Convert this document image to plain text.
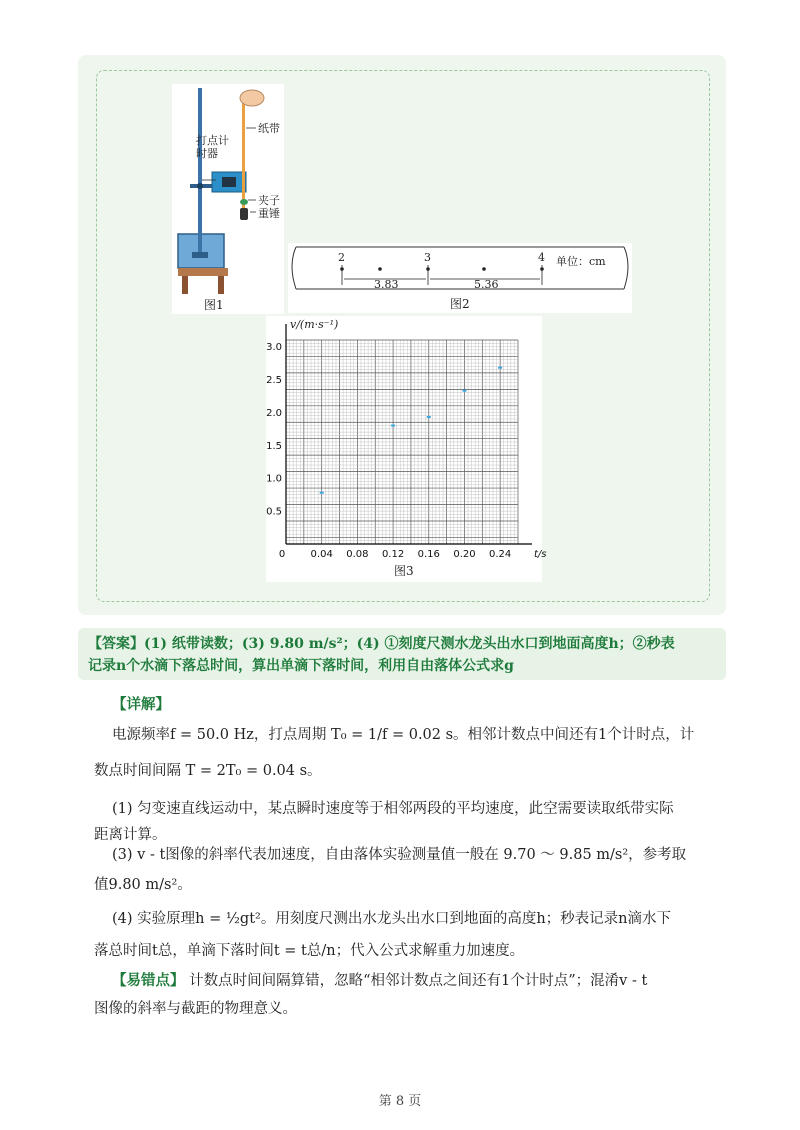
打点计时器
纸带
夹子
重锤
图1
2	3	4
3.83	5.36
单位：cm
图2
0	0.04 0.08 0.12 0.16 0.20 0.24 t/s
0.5
1.0
1.5
2.0
2.5
3.0
v/(m·s⁻¹)
图3
【答案】(1) 纸带读数；(3) 9.80 m/s²；(4) ①刻度尺测水龙头出水口到地面高度h；②秒表
记录n个水滴下落总时间，算出单滴下落时间，利用自由落体公式求g
【详解】
电源频率f = 50.0 Hz，打点周期 T₀ = 1/f = 0.02 s。相邻计数点中间还有1个计时点，计
数点时间间隔 T = 2T₀ = 0.04 s。
(1) 匀变速直线运动中，某点瞬时速度等于相邻两段的平均速度，此空需要读取纸带实际
距离计算。
(3) v - t图像的斜率代表加速度，自由落体实验测量值一般在 9.70 ～ 9.85 m/s²，参考取
值9.80 m/s²。
(4) 实验原理h = ½gt²。用刻度尺测出水龙头出水口到地面的高度h；秒表记录n滴水下
落总时间t总，单滴下落时间t = t总/n；代入公式求解重力加速度。
【易错点】 计数点时间间隔算错，忽略“相邻计数点之间还有1个计时点”；混淆v - t
图像的斜率与截距的物理意义。
第 8 页
